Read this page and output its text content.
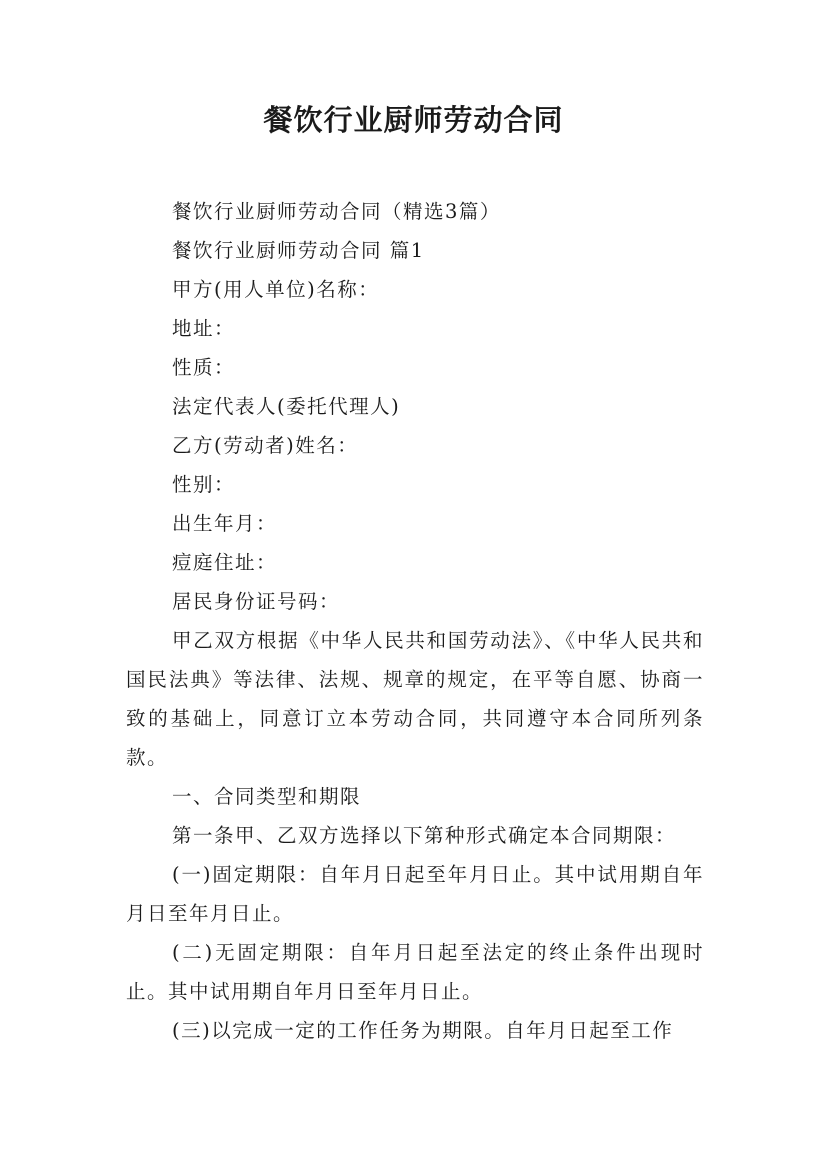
餐饮行业厨师劳动合同
餐饮行业厨师劳动合同（精选3篇）
餐饮行业厨师劳动合同 篇1
甲方(用人单位)名称：
地址：
性质：
法定代表人(委托代理人)
乙方(劳动者)姓名：
性别：
出生年月：
痘庭住址：
居民身份证号码：

甲乙双方根据《中华人民共和国劳动法》、《中华人民共和国民法典》等法律、法规、规章的规定，在平等自愿、协商一致的基础上，同意订立本劳动合同，共同遵守本合同所列条款。

一、合同类型和期限

第一条甲、乙双方选择以下第种形式确定本合同期限：

(一)固定期限：自年月日起至年月日止。其中试用期自年月日至年月日止。

(二)无固定期限：自年月日起至法定的终止条件出现时止。其中试用期自年月日至年月日止。

(三)以完成一定的工作任务为期限。自年月日起至工作
